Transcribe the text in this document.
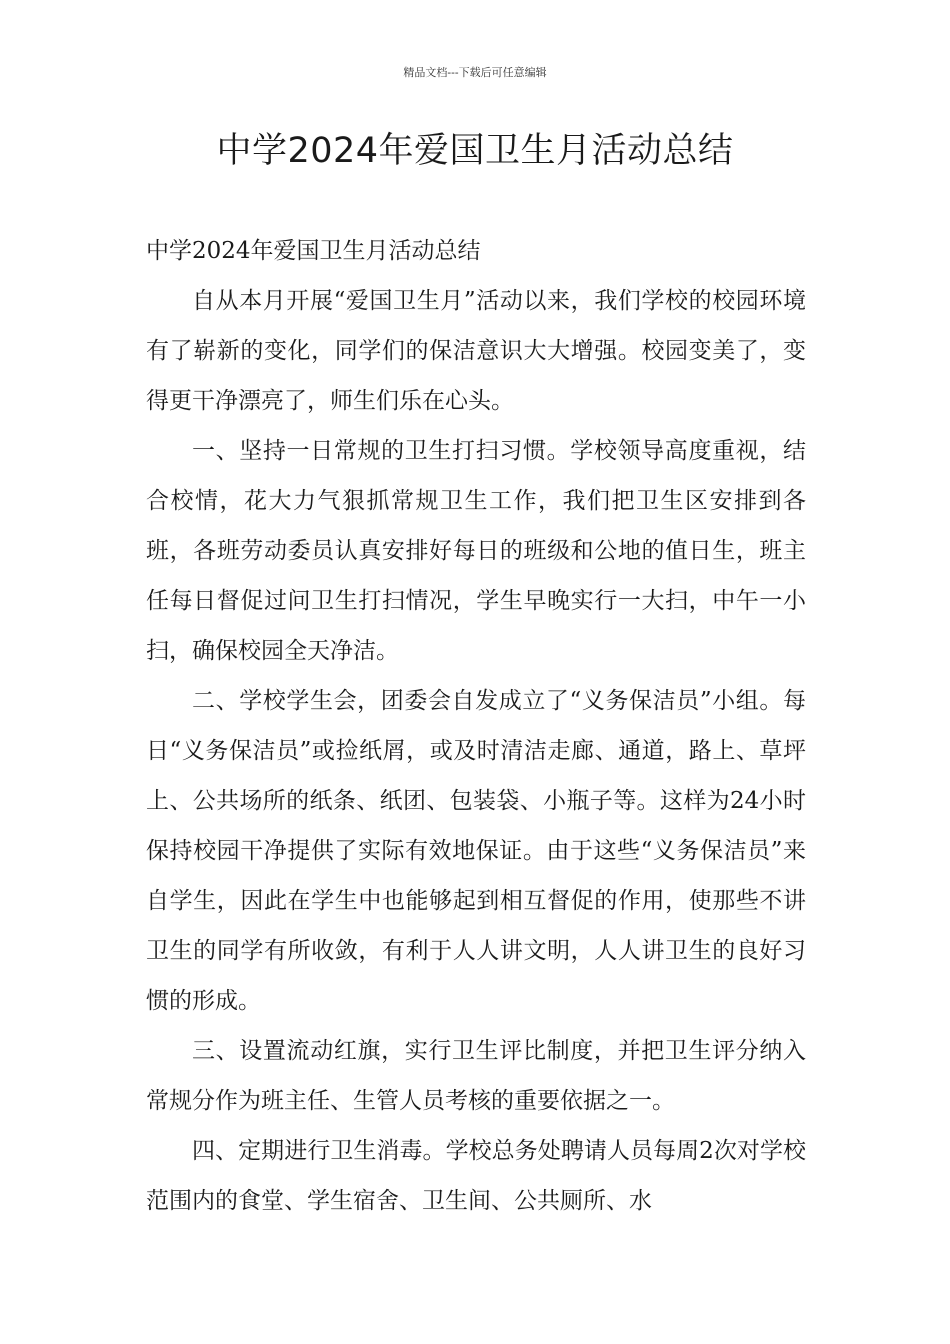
精品文档---下载后可任意编辑
中学2024年爱国卫生月活动总结

中学2024年爱国卫生月活动总结

自从本月开展“爱国卫生月”活动以来，我们学校的校园环境有了崭新的变化，同学们的保洁意识大大增强。校园变美了，变得更干净漂亮了，师生们乐在心头。

一、坚持一日常规的卫生打扫习惯。学校领导高度重视，结合校情，花大力气狠抓常规卫生工作，我们把卫生区安排到各班，各班劳动委员认真安排好每日的班级和公地的值日生，班主任每日督促过问卫生打扫情况，学生早晚实行一大扫，中午一小扫，确保校园全天净洁。

二、学校学生会，团委会自发成立了“义务保洁员”小组。每日“义务保洁员”或捡纸屑，或及时清洁走廊、通道，路上、草坪上、公共场所的纸条、纸团、包装袋、小瓶子等。这样为24小时保持校园干净提供了实际有效地保证。由于这些“义务保洁员”来自学生，因此在学生中也能够起到相互督促的作用，使那些不讲卫生的同学有所收敛，有利于人人讲文明，人人讲卫生的良好习惯的形成。

三、设置流动红旗，实行卫生评比制度，并把卫生评分纳入常规分作为班主任、生管人员考核的重要依据之一。

四、定期进行卫生消毒。学校总务处聘请人员每周2次对学校范围内的食堂、学生宿舍、卫生间、公共厕所、水
